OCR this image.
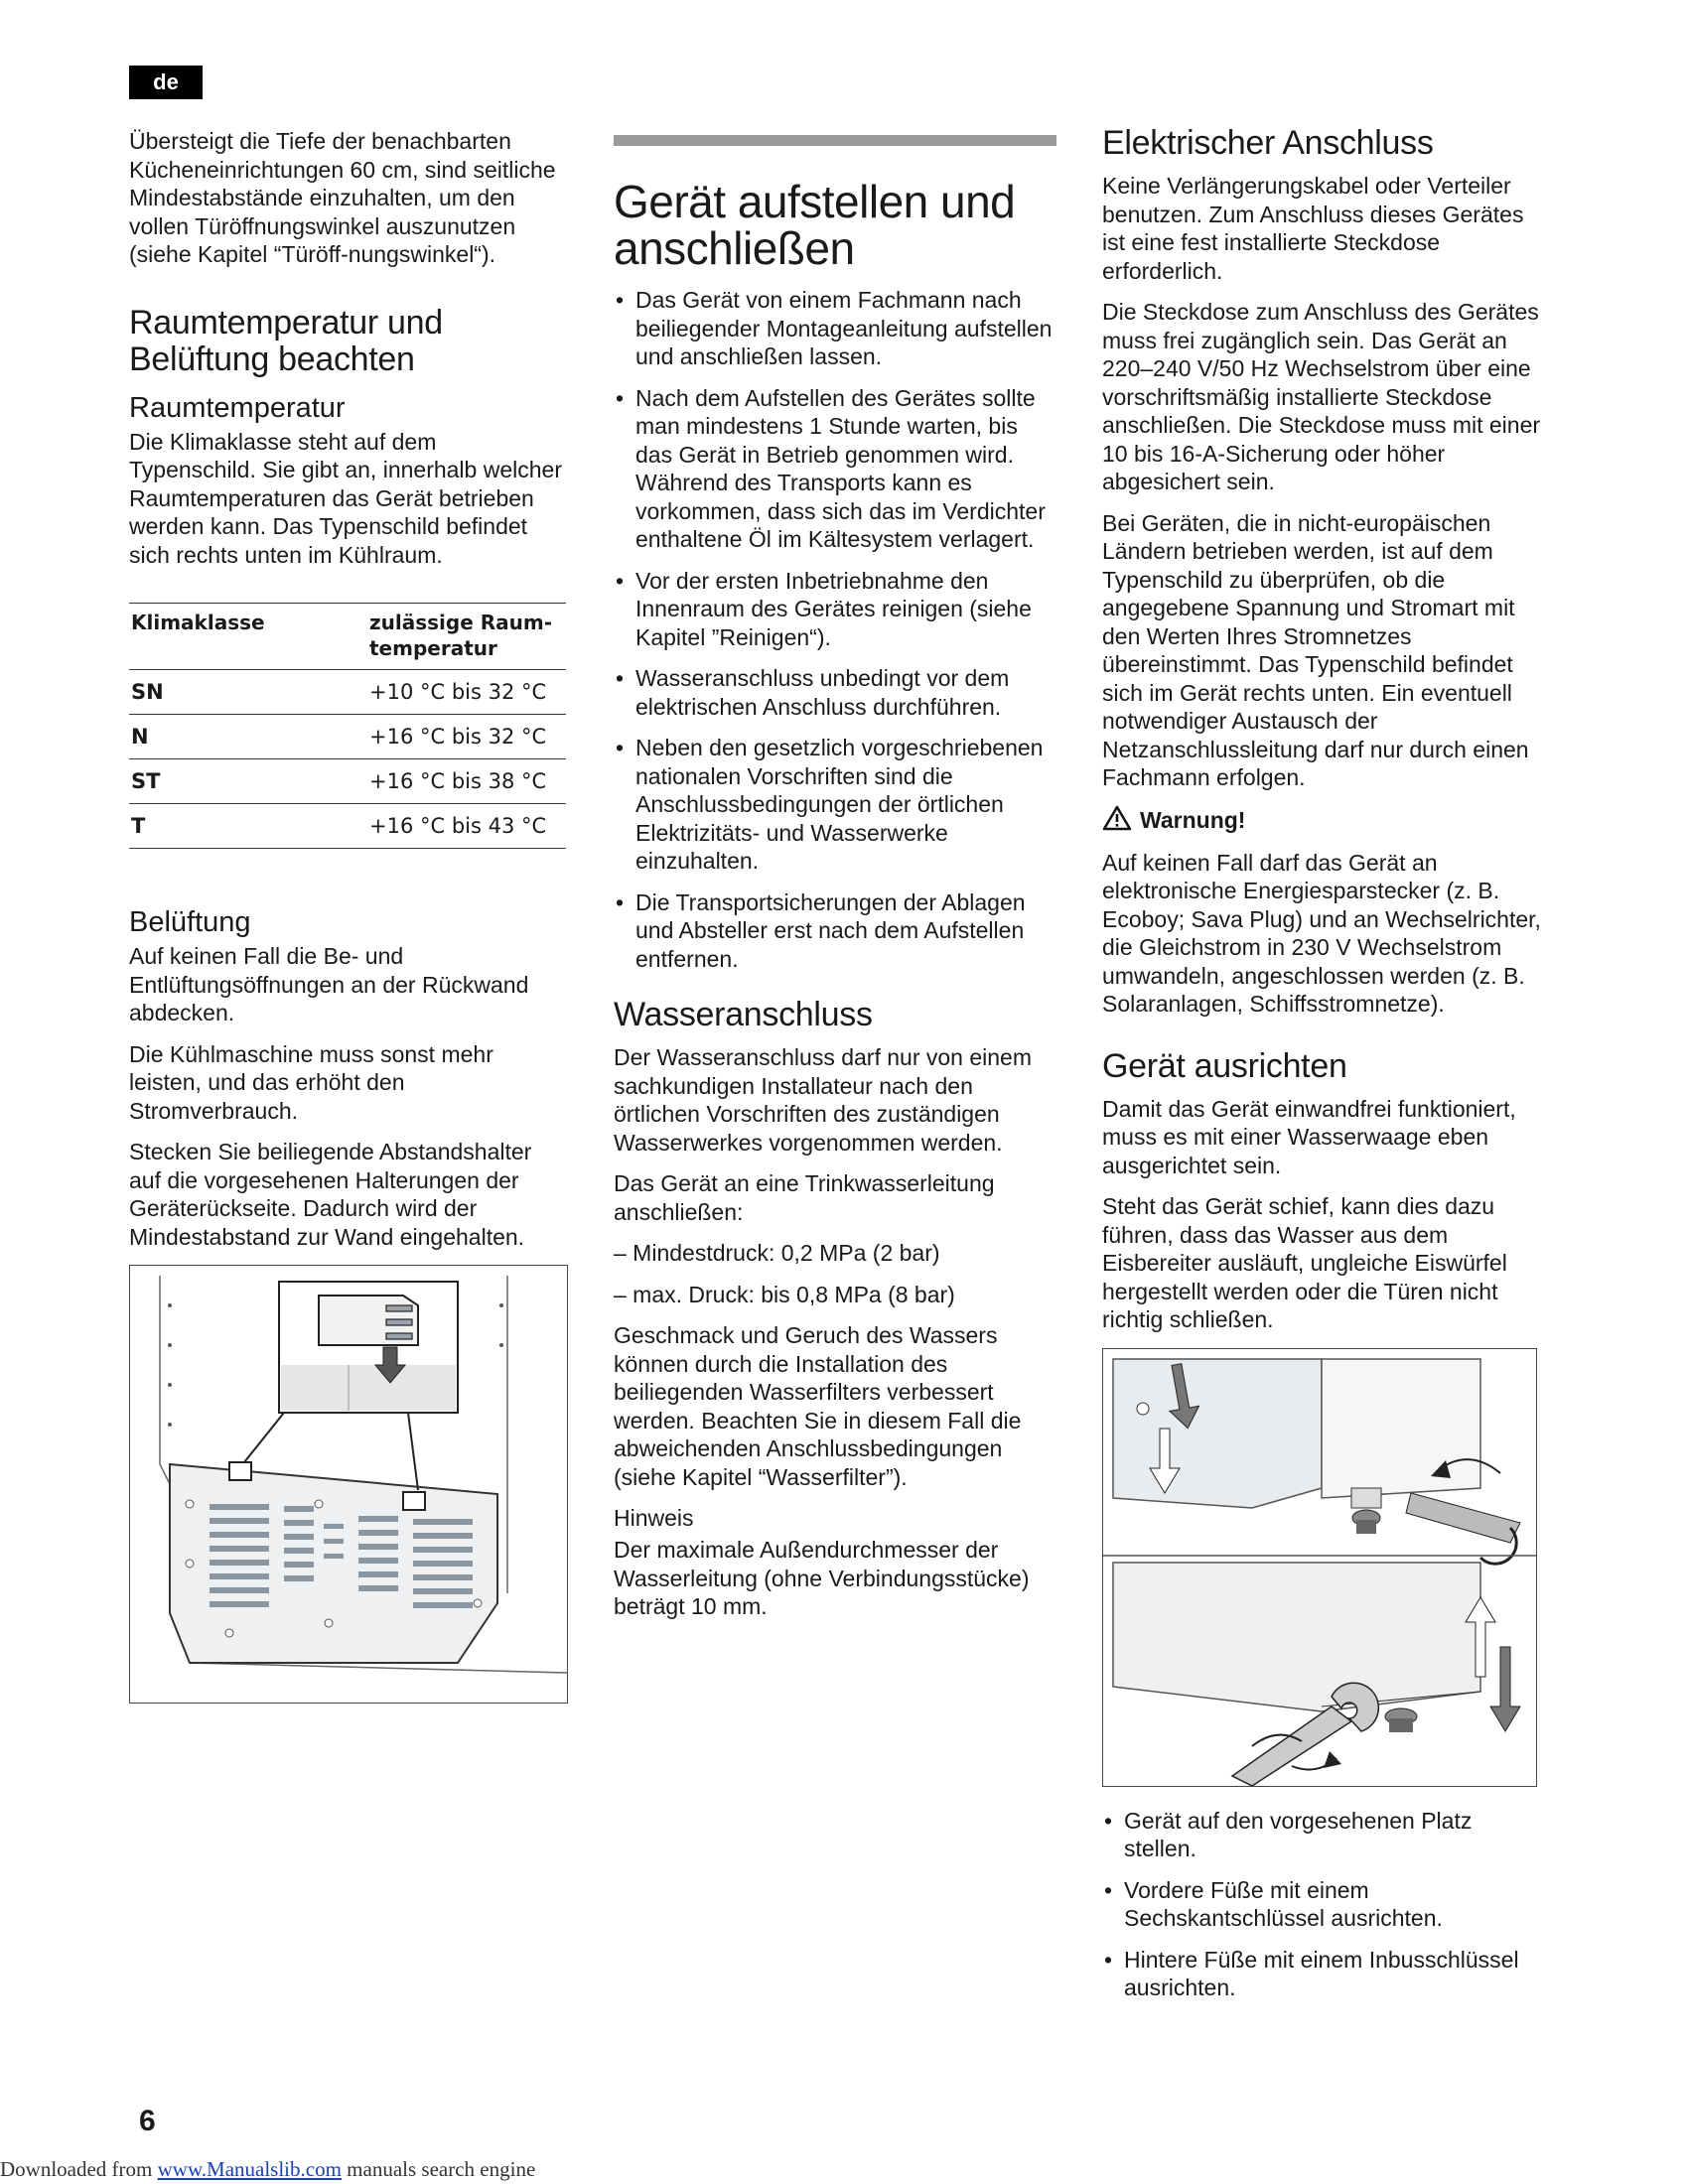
de

Übersteigt die Tiefe der benachbarten Kücheneinrichtungen 60 cm, sind seitliche Mindestabstände einzuhalten, um den vollen Türöffnungswinkel auszunutzen (siehe Kapitel “Türöff-nungswinkel“).

Raumtemperatur und Belüftung beachten
Raumtemperatur

Die Klimaklasse steht auf dem Typenschild. Sie gibt an, innerhalb welcher Raumtemperaturen das Gerät betrieben werden kann. Das Typenschild befindet sich rechts unten im Kühlraum.

Klimaklasse	zulässige Raum-temperatur
SN	+10 °C bis 32 °C
N	+16 °C bis 32 °C
ST	+16 °C bis 38 °C
T	+16 °C bis 43 °C
Belüftung

Auf keinen Fall die Be- und Entlüftungsöffnungen an der Rückwand abdecken.

Die Kühlmaschine muss sonst mehr leisten, und das erhöht den Stromverbrauch.

Stecken Sie beiliegende Abstandshalter auf die vorgesehenen Halterungen der Geräterückseite. Dadurch wird der Mindestabstand zur Wand eingehalten.

Gerät aufstellen und anschließen
• Das Gerät von einem Fachmann nach beiliegender Montageanleitung aufstellen und anschließen lassen.
• Nach dem Aufstellen des Gerätes sollte man mindestens 1 Stunde warten, bis das Gerät in Betrieb genommen wird. Während des Transports kann es vorkommen, dass sich das im Verdichter enthaltene Öl im Kältesystem verlagert.
• Vor der ersten Inbetriebnahme den Innenraum des Gerätes reinigen (siehe Kapitel ”Reinigen“).
• Wasseranschluss unbedingt vor dem elektrischen Anschluss durchführen.
• Neben den gesetzlich vorgeschriebenen nationalen Vorschriften sind die Anschlussbedingungen der örtlichen Elektrizitäts- und Wasserwerke einzuhalten.
• Die Transportsicherungen der Ablagen und Absteller erst nach dem Aufstellen entfernen.
Wasseranschluss

Der Wasseranschluss darf nur von einem sachkundigen Installateur nach den örtlichen Vorschriften des zuständigen Wasserwerkes vorgenommen werden.

Das Gerät an eine Trinkwasserleitung anschließen:

– Mindestdruck: 0,2 MPa (2 bar)

– max. Druck: bis 0,8 MPa (8 bar)

Geschmack und Geruch des Wassers können durch die Installation des beiliegenden Wasserfilters verbessert werden. Beachten Sie in diesem Fall die abweichenden Anschlussbedingungen (siehe Kapitel “Wasserfilter”).

Hinweis

Der maximale Außendurchmesser der Wasserleitung (ohne Verbindungsstücke) beträgt 10 mm.

Elektrischer Anschluss

Keine Verlängerungskabel oder Verteiler benutzen. Zum Anschluss dieses Gerätes ist eine fest installierte Steckdose erforderlich.

Die Steckdose zum Anschluss des Gerätes muss frei zugänglich sein. Das Gerät an 220–240 V/50 Hz Wechselstrom über eine vorschriftsmäßig installierte Steckdose anschließen. Die Steckdose muss mit einer 10 bis 16-A-Sicherung oder höher abgesichert sein.

Bei Geräten, die in nicht-europäischen Ländern betrieben werden, ist auf dem Typenschild zu überprüfen, ob die angegebene Spannung und Stromart mit den Werten Ihres Stromnetzes übereinstimmt. Das Typenschild befindet sich im Gerät rechts unten. Ein eventuell notwendiger Austausch der Netzanschlussleitung darf nur durch einen Fachmann erfolgen.

Warnung!

Auf keinen Fall darf das Gerät an elektronische Energiesparstecker (z. B. Ecoboy; Sava Plug) und an Wechselrichter, die Gleichstrom in 230 V Wechselstrom umwandeln, angeschlossen werden (z. B. Solaranlagen, Schiffsstromnetze).

Gerät ausrichten

Damit das Gerät einwandfrei funktioniert, muss es mit einer Wasserwaage eben ausgerichtet sein.

Steht das Gerät schief, kann dies dazu führen, dass das Wasser aus dem Eisbereiter ausläuft, ungleiche Eiswürfel hergestellt werden oder die Türen nicht richtig schließen.

• Gerät auf den vorgesehenen Platz stellen.
• Vordere Füße mit einem Sechskantschlüssel ausrichten.
• Hintere Füße mit einem Inbusschlüssel ausrichten.
6
Downloaded from www.Manualslib.com manuals search engine
